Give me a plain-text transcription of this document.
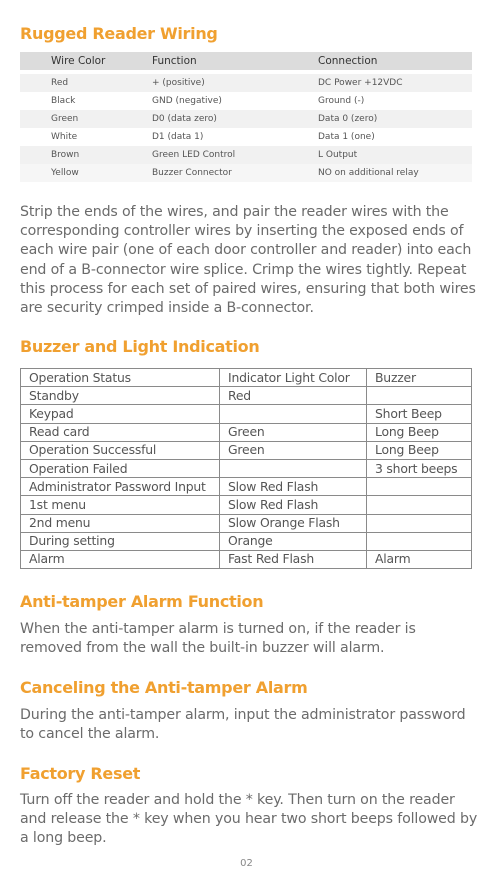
Rugged Reader Wiring
Wire Color	Function	Connection
Red	+ (positive)	DC Power +12VDC
Black	GND (negative)	Ground (-)
Green	D0 (data zero)	Data 0 (zero)
White	D1 (data 1)	Data 1 (one)
Brown	Green LED Control	L Output
Yellow	Buzzer Connector	NO on additional relay
Strip the ends of the wires, and pair the reader wires with the corresponding controller wires by inserting the exposed ends of each wire pair (one of each door controller and reader) into each end of a B-connector wire splice. Crimp the wires tightly. Repeat this process for each set of paired wires, ensuring that both wires are security crimped inside a B-connector.
Buzzer and Light Indication
Operation Status	Indicator Light Color	Buzzer
Standby	Red	
Keypad		Short Beep
Read card	Green	Long Beep
Operation Successful	Green	Long Beep
Operation Failed		3 short beeps
Administrator Password Input	Slow Red Flash	
1st menu	Slow Red Flash	
2nd menu	Slow Orange Flash	
During setting	Orange	
Alarm	Fast Red Flash	Alarm
Anti-tamper Alarm Function
When the anti-tamper alarm is turned on, if the reader is removed from the wall the built-in buzzer will alarm.
Canceling the Anti-tamper Alarm
During the anti-tamper alarm, input the administrator password to cancel the alarm.
Factory Reset
Turn off the reader and hold the * key. Then turn on the reader and release the * key when you hear two short beeps followed by a long beep.
02
